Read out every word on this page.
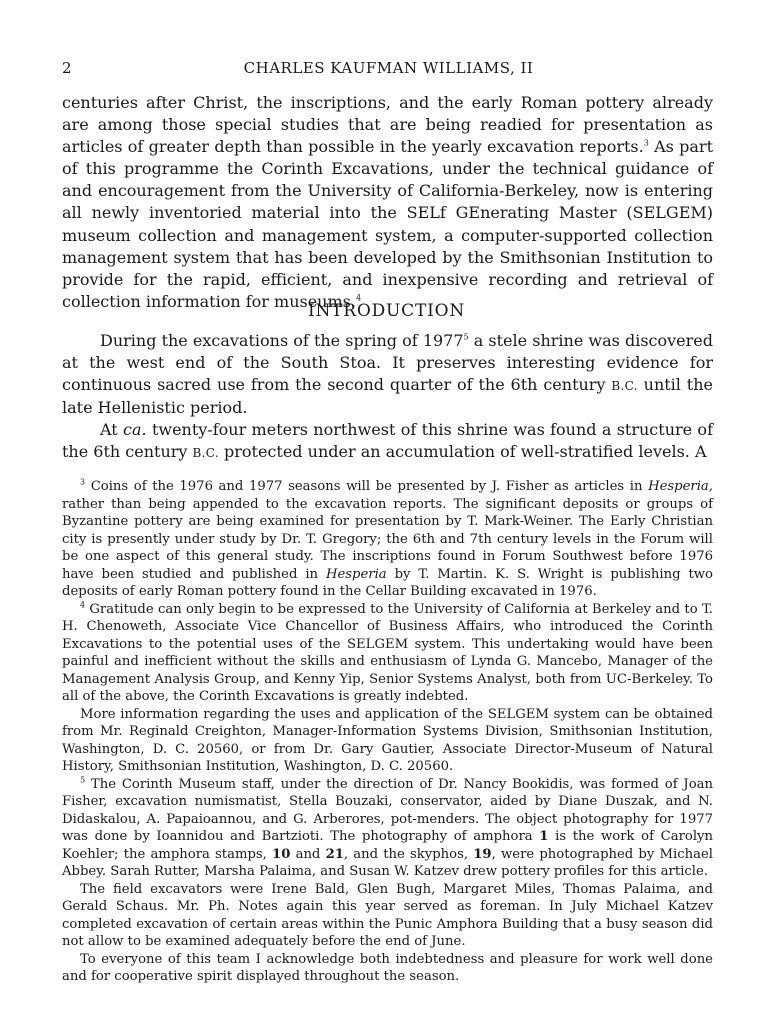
2	CHARLES KAUFMAN WILLIAMS, II

centuries after Christ, the inscriptions, and the early Roman pottery already are among those special studies that are being readied for presentation as articles of greater depth than possible in the yearly excavation reports.$^3$ As part of this programme the Corinth Excavations, under the technical guidance of and encouragement from the University of California-Berkeley, now is entering all newly inventoried material into the SELf GEnerating Master (SELGEM) museum collection and management system, a computer-supported collection management system that has been developed by the Smithsonian Institution to provide for the rapid, efficient, and inexpensive recording and retrieval of collection information for museums.$^4$

INTRODUCTION

During the excavations of the spring of 1977$^5$ a stele shrine was discovered at the west end of the South Stoa. It preserves interesting evidence for continuous sacred use from the second quarter of the 6th century B.C. until the late Hellenistic period.

At ca. twenty-four meters northwest of this shrine was found a structure of the 6th century B.C. protected under an accumulation of well-stratified levels. A

$^3$ Coins of the 1976 and 1977 seasons will be presented by J. Fisher as articles in Hesperia, rather than being appended to the excavation reports. The significant deposits or groups of Byzantine pottery are being examined for presentation by T. Mark-Weiner. The Early Christian city is presently under study by Dr. T. Gregory; the 6th and 7th century levels in the Forum will be one aspect of this general study. The inscriptions found in Forum Southwest before 1976 have been studied and published in Hesperia by T. Martin. K. S. Wright is publishing two deposits of early Roman pottery found in the Cellar Building excavated in 1976.

$^4$ Gratitude can only begin to be expressed to the University of California at Berkeley and to T. H. Chenoweth, Associate Vice Chancellor of Business Affairs, who introduced the Corinth Excavations to the potential uses of the SELGEM system. This undertaking would have been painful and inefficient without the skills and enthusiasm of Lynda G. Mancebo, Manager of the Management Analysis Group, and Kenny Yip, Senior Systems Analyst, both from UC-Berkeley. To all of the above, the Corinth Excavations is greatly indebted.

More information regarding the uses and application of the SELGEM system can be obtained from Mr. Reginald Creighton, Manager-Information Systems Division, Smithsonian Institution, Washington, D. C. 20560, or from Dr. Gary Gautier, Associate Director-Museum of Natural History, Smithsonian Institution, Washington, D. C. 20560.

$^5$ The Corinth Museum staff, under the direction of Dr. Nancy Bookidis, was formed of Joan Fisher, excavation numismatist, Stella Bouzaki, conservator, aided by Diane Duszak, and N. Didaskalou, A. Papaioannou, and G. Arberores, pot-menders. The object photography for 1977 was done by Ioannidou and Bartzioti. The photography of amphora 1 is the work of Carolyn Koehler; the amphora stamps, 10 and 21, and the skyphos, 19, were photographed by Michael Abbey. Sarah Rutter, Marsha Palaima, and Susan W. Katzev drew pottery profiles for this article.

The field excavators were Irene Bald, Glen Bugh, Margaret Miles, Thomas Palaima, and Gerald Schaus. Mr. Ph. Notes again this year served as foreman. In July Michael Katzev completed excavation of certain areas within the Punic Amphora Building that a busy season did not allow to be examined adequately before the end of June.

To everyone of this team I acknowledge both indebtedness and pleasure for work well done and for cooperative spirit displayed throughout the season.
